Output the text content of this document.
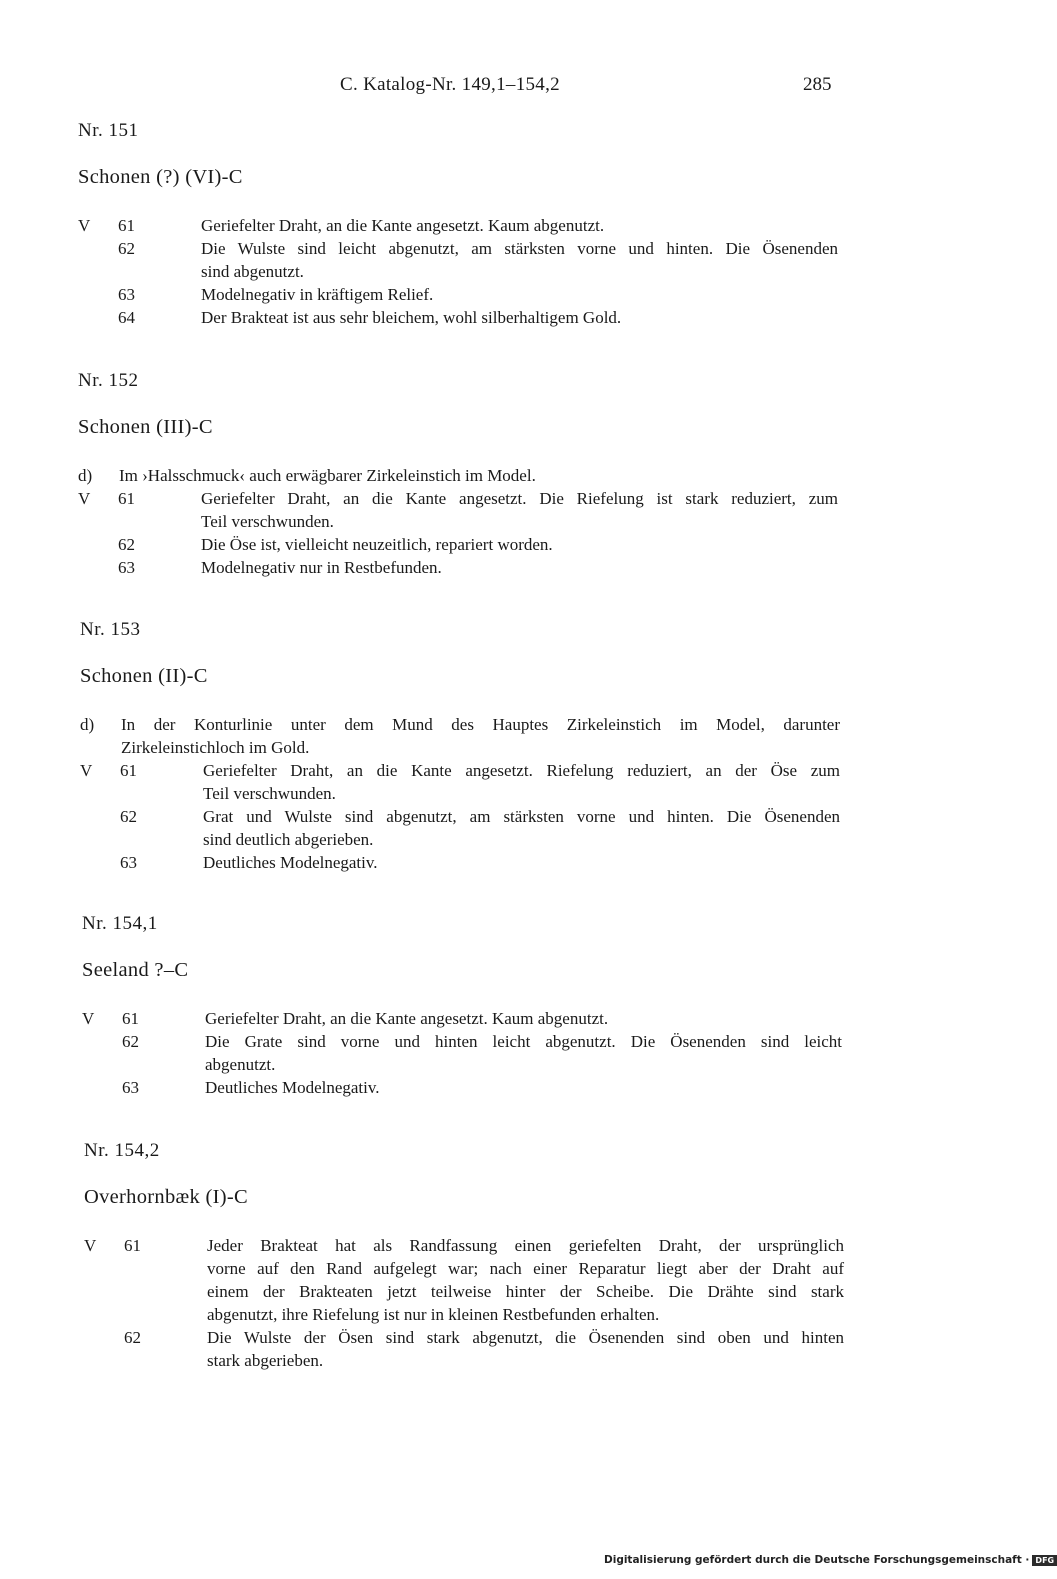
C. Katalog-Nr. 149,1–154,2	285
Nr. 151
Schonen (?) (VI)-C
V 61	Geriefelter Draht, an die Kante angesetzt. Kaum abgenutzt.
62	Die Wulste sind leicht abgenutzt, am stärksten vorne und hinten. Die Ösenenden
sind abgenutzt.
63	Modelnegativ in kräftigem Relief.
64	Der Brakteat ist aus sehr bleichem, wohl silberhaltigem Gold.
Nr. 152
Schonen (III)-C
d) Im ›Halsschmuck‹ auch erwägbarer Zirkeleinstich im Model.
V 61	Geriefelter Draht, an die Kante angesetzt. Die Riefelung ist stark reduziert, zum
Teil verschwunden.
62	Die Öse ist, vielleicht neuzeitlich, repariert worden.
63	Modelnegativ nur in Restbefunden.
Nr. 153
Schonen (II)-C
d) In der Konturlinie unter dem Mund des Hauptes Zirkeleinstich im Model, darunter
Zirkeleinstichloch im Gold.
V 61	Geriefelter Draht, an die Kante angesetzt. Riefelung reduziert, an der Öse zum
Teil verschwunden.
62	Grat und Wulste sind abgenutzt, am stärksten vorne und hinten. Die Ösenenden
sind deutlich abgerieben.
63	Deutliches Modelnegativ.
Nr. 154,1
Seeland ?–C
V 61	Geriefelter Draht, an die Kante angesetzt. Kaum abgenutzt.
62	Die Grate sind vorne und hinten leicht abgenutzt. Die Ösenenden sind leicht
abgenutzt.
63	Deutliches Modelnegativ.
Nr. 154,2
Overhornbæk (I)-C
V 61	Jeder Brakteat hat als Randfassung einen geriefelten Draht, der ursprünglich
vorne auf den Rand aufgelegt war; nach einer Reparatur liegt aber der Draht auf
einem der Brakteaten jetzt teilweise hinter der Scheibe. Die Drähte sind stark
abgenutzt, ihre Riefelung ist nur in kleinen Restbefunden erhalten.
62	Die Wulste der Ösen sind stark abgenutzt, die Ösenenden sind oben und hinten
stark abgerieben.
Digitalisierung gefördert durch die Deutsche Forschungsgemeinschaft · DFG
